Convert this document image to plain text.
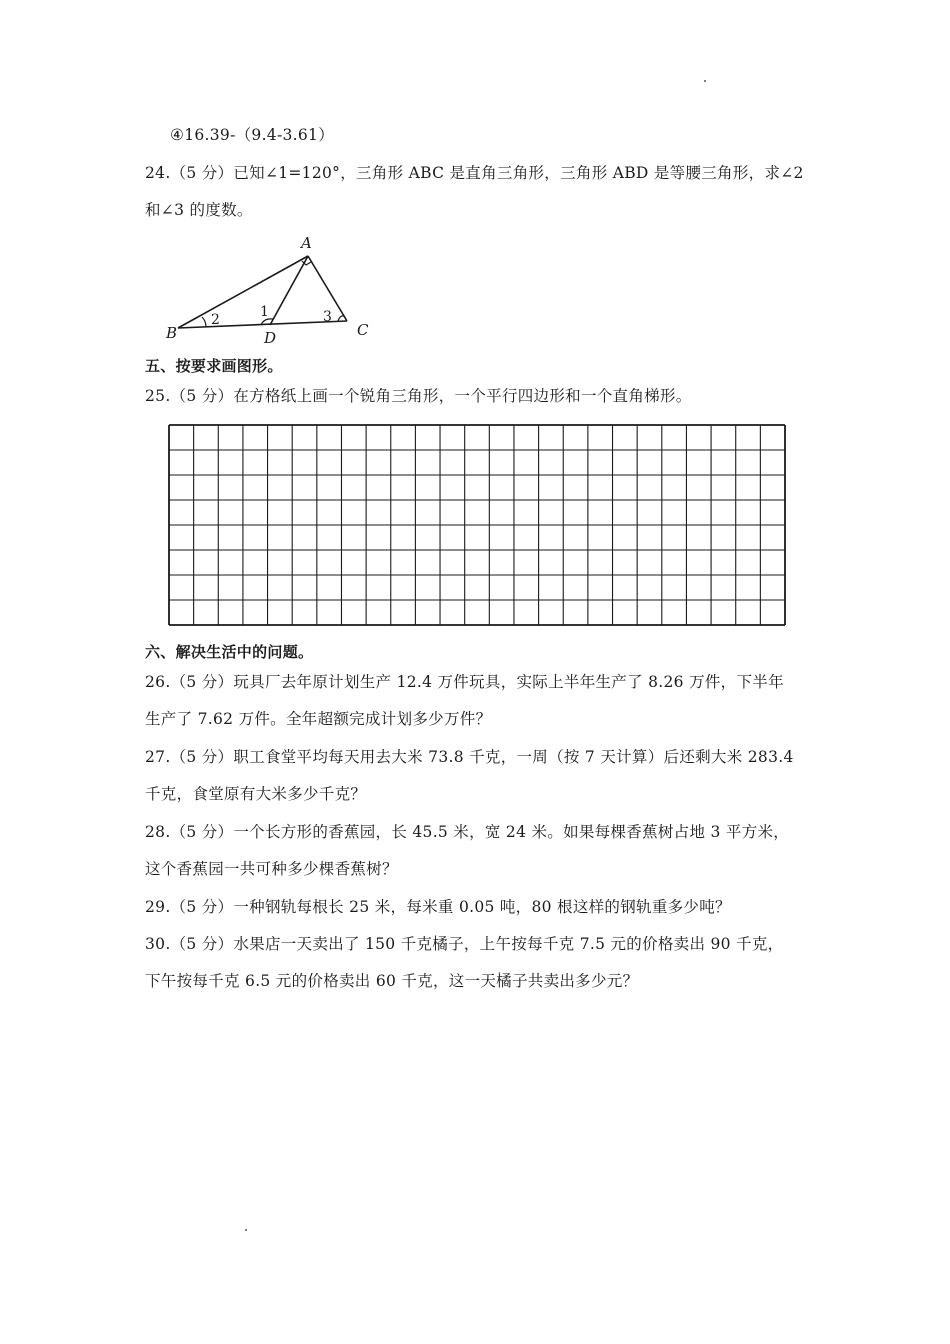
④16.39-（9.4-3.61）
24.（5 分）已知∠1=120°，三角形 ABC 是直角三角形，三角形 ABD 是等腰三角形，求∠2
和∠3 的度数。
A
B	C
D
1
2	3
五、按要求画图形。
25.（5 分）在方格纸上画一个锐角三角形，一个平行四边形和一个直角梯形。
六、解决生活中的问题。
26.（5 分）玩具厂去年原计划生产 12.4 万件玩具，实际上半年生产了 8.26 万件，下半年
生产了 7.62 万件。全年超额完成计划多少万件？
27.（5 分）职工食堂平均每天用去大米 73.8 千克，一周（按 7 天计算）后还剩大米 283.4
千克，食堂原有大米多少千克？
28.（5 分）一个长方形的香蕉园，长 45.5 米，宽 24 米。如果每棵香蕉树占地 3 平方米，
这个香蕉园一共可种多少棵香蕉树？
29.（5 分）一种钢轨每根长 25 米，每米重 0.05 吨，80 根这样的钢轨重多少吨？
30.（5 分）水果店一天卖出了 150 千克橘子，上午按每千克 7.5 元的价格卖出 90 千克，
下午按每千克 6.5 元的价格卖出 60 千克，这一天橘子共卖出多少元？
